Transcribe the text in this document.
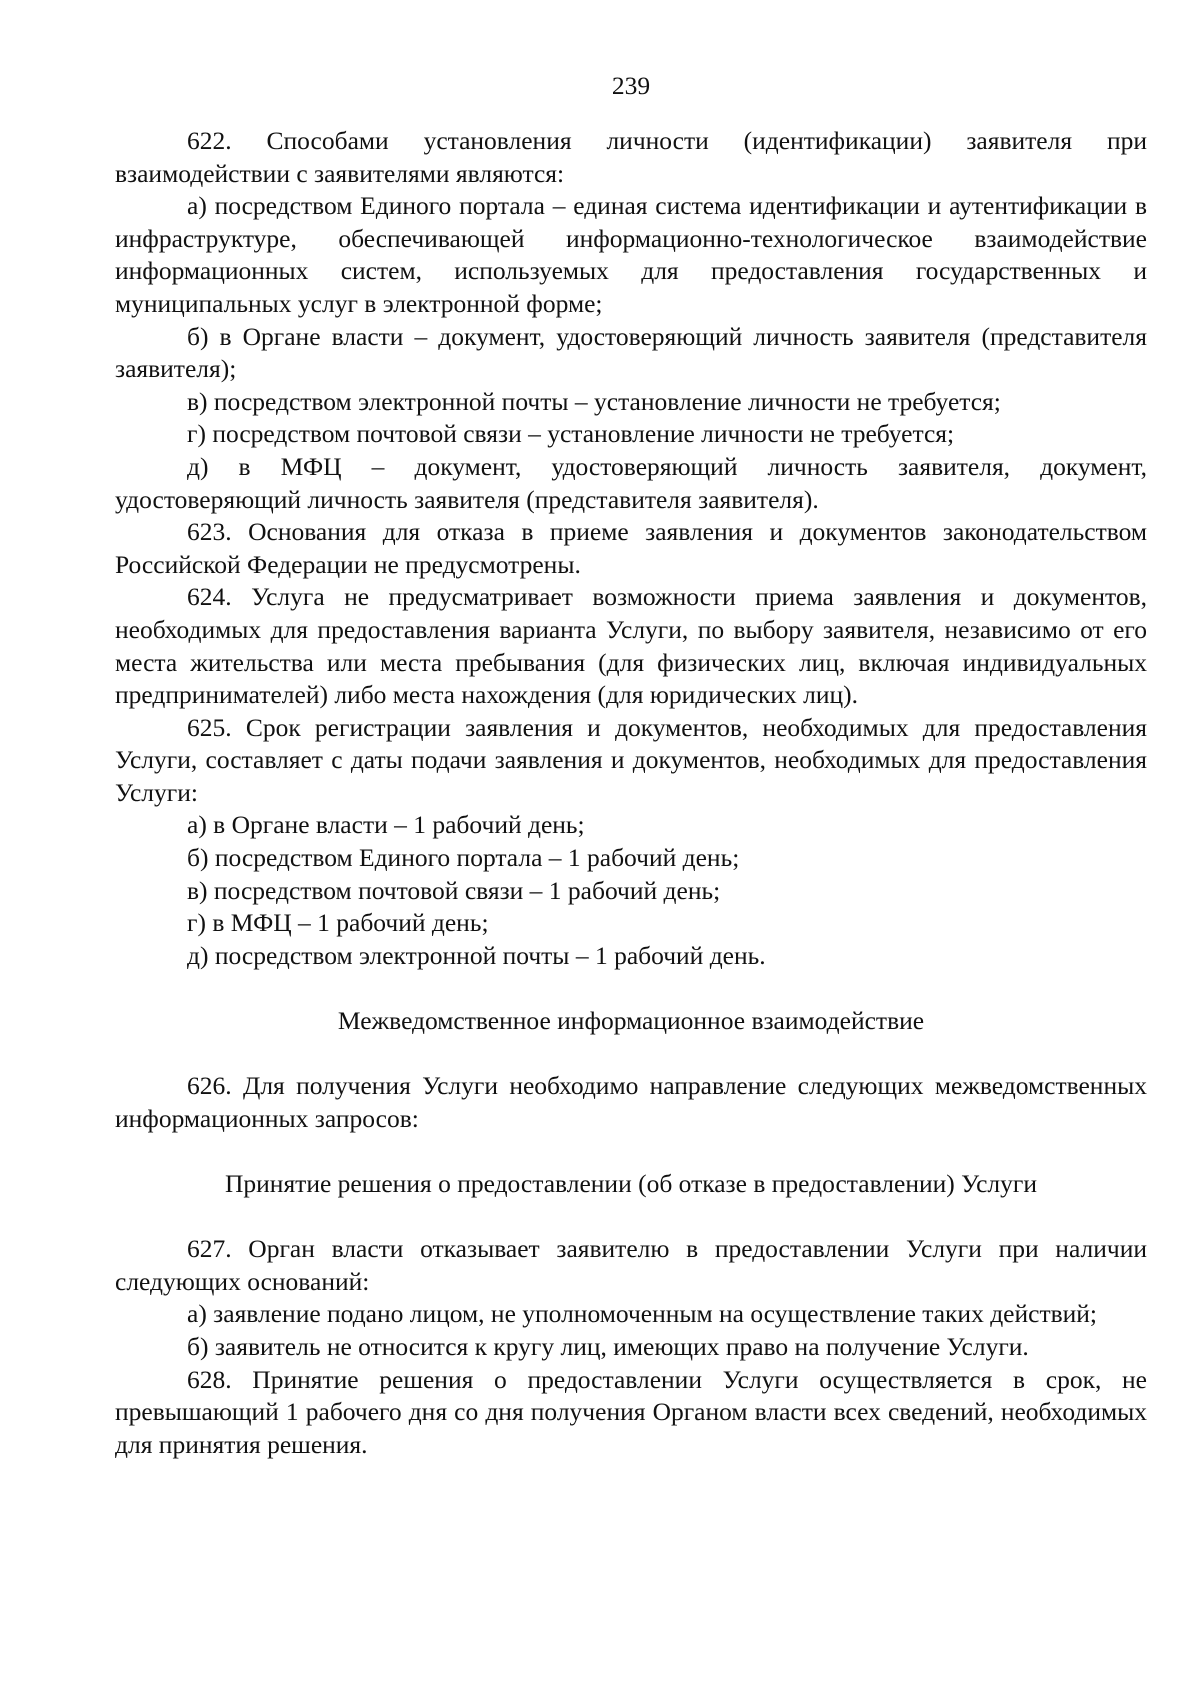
239

622. Способами установления личности (идентификации) заявителя при взаимодействии с заявителями являются:

а) посредством Единого портала – единая система идентификации и аутентификации в инфраструктуре, обеспечивающей информационно-технологическое взаимодействие информационных систем, используемых для предоставления государственных и муниципальных услуг в электронной форме;

б) в Органе власти – документ, удостоверяющий личность заявителя (представителя заявителя);

в) посредством электронной почты – установление личности не требуется;

г) посредством почтовой связи – установление личности не требуется;

д) в МФЦ – документ, удостоверяющий личность заявителя, документ, удостоверяющий личность заявителя (представителя заявителя).

623. Основания для отказа в приеме заявления и документов законодательством Российской Федерации не предусмотрены.

624. Услуга не предусматривает возможности приема заявления и документов, необходимых для предоставления варианта Услуги, по выбору заявителя, независимо от его места жительства или места пребывания (для физических лиц, включая индивидуальных предпринимателей) либо места нахождения (для юридических лиц).

625. Срок регистрации заявления и документов, необходимых для предоставления Услуги, составляет с даты подачи заявления и документов, необходимых для предоставления Услуги:

а) в Органе власти – 1 рабочий день;

б) посредством Единого портала – 1 рабочий день;

в) посредством почтовой связи – 1 рабочий день;

г) в МФЦ – 1 рабочий день;

д) посредством электронной почты – 1 рабочий день.

Межведомственное информационное взаимодействие

626. Для получения Услуги необходимо направление следующих межведомственных информационных запросов:

Принятие решения о предоставлении (об отказе в предоставлении) Услуги

627. Орган власти отказывает заявителю в предоставлении Услуги при наличии следующих оснований:

а) заявление подано лицом, не уполномоченным на осуществление таких действий;

б) заявитель не относится к кругу лиц, имеющих право на получение Услуги.

628. Принятие решения о предоставлении Услуги осуществляется в срок, не превышающий 1 рабочего дня со дня получения Органом власти всех сведений, необходимых для принятия решения.
